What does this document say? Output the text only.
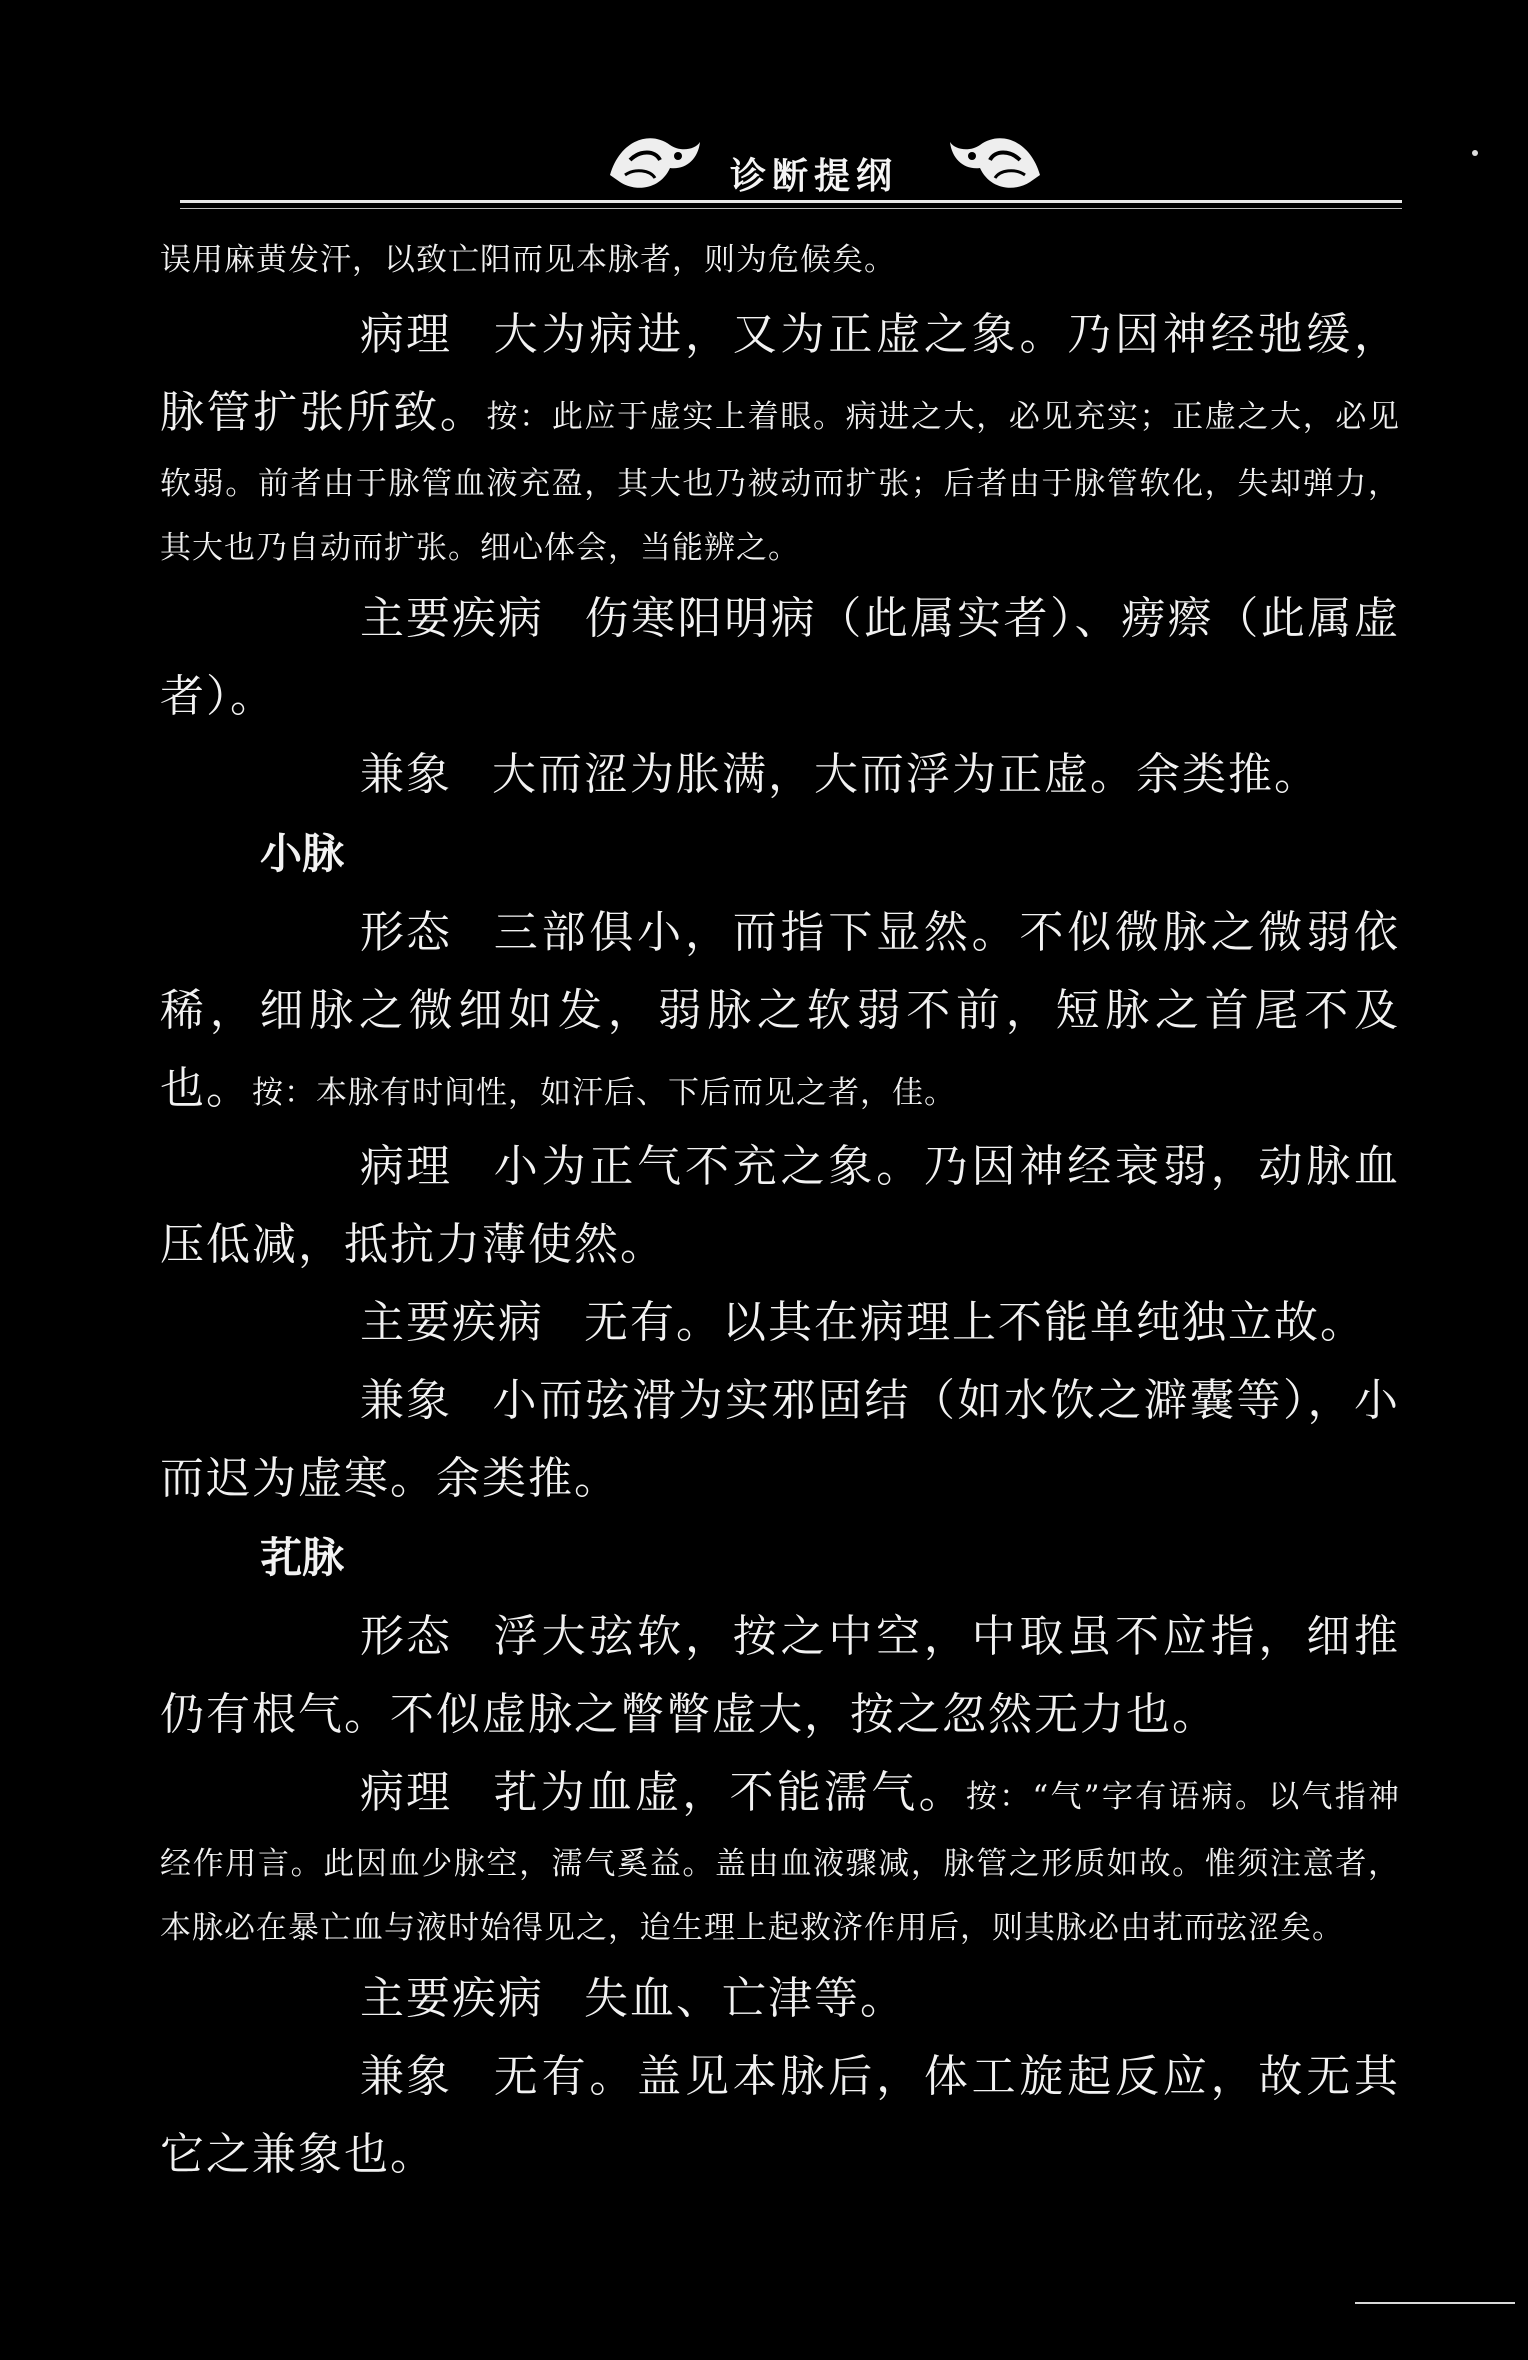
诊断提纲

误用麻黄发汗，以致亡阳而见本脉者，则为危候矣。

病理 大为病进，又为正虚之象。乃因神经弛缓，脉管扩张所致。按：此应于虚实上着眼。病进之大，必见充实；正虚之大，必见软弱。前者由于脉管血液充盈，其大也乃被动而扩张；后者由于脉管软化，失却弹力，其大也乃自动而扩张。细心体会，当能辨之。

主要疾病 伤寒阳明病（此属实者）、痨瘵（此属虚者）。

兼象 大而涩为胀满，大而浮为正虚。余类推。

小脉

形态 三部俱小，而指下显然。不似微脉之微弱依稀，细脉之微细如发，弱脉之软弱不前，短脉之首尾不及也。按：本脉有时间性，如汗后、下后而见之者，佳。

病理 小为正气不充之象。乃因神经衰弱，动脉血压低减，抵抗力薄使然。

主要疾病 无有。以其在病理上不能单纯独立故。

兼象 小而弦滑为实邪固结（如水饮之澼囊等），小而迟为虚寒。余类推。

芤脉

形态 浮大弦软，按之中空，中取虽不应指，细推仍有根气。不似虚脉之瞥瞥虚大，按之忽然无力也。

病理 芤为血虚，不能濡气。按：“气”字有语病。以气指神经作用言。此因血少脉空，濡气奚益。盖由血液骤减，脉管之形质如故。惟须注意者，本脉必在暴亡血与液时始得见之，迨生理上起救济作用后，则其脉必由芤而弦涩矣。

主要疾病 失血、亡津等。

兼象 无有。盖见本脉后，体工旋起反应，故无其它之兼象也。
